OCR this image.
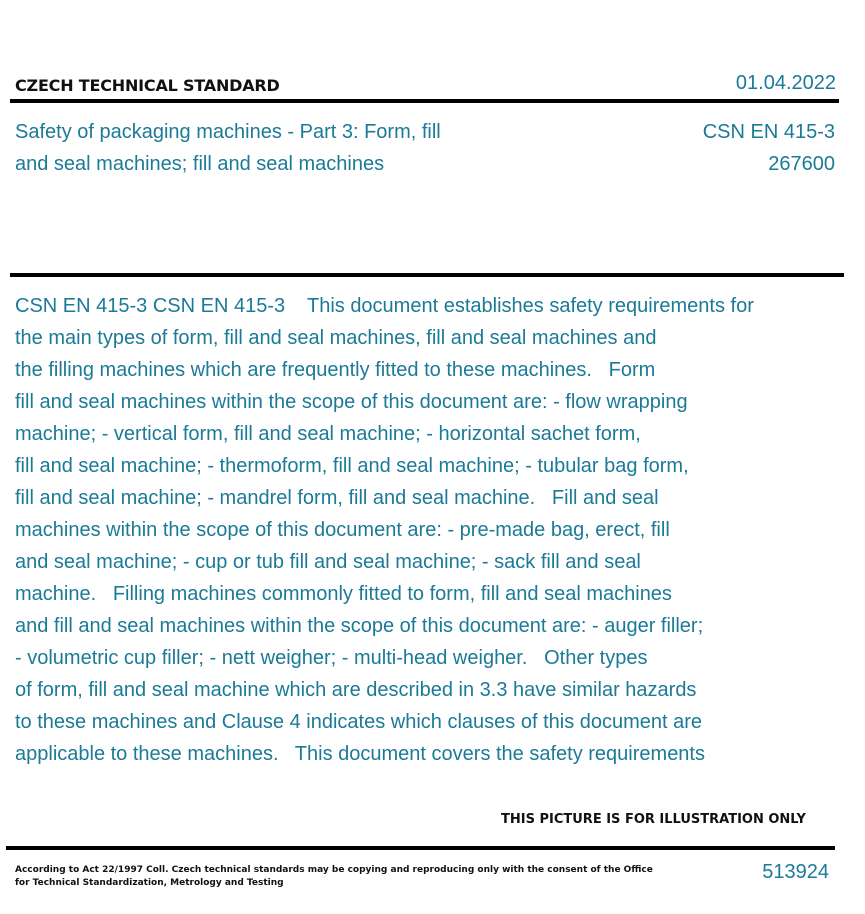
CZECH TECHNICAL STANDARD	01.04.2022
Safety of packaging machines - Part 3: Form, fill
and seal machines; fill and seal machines
CSN EN 415-3
267600
CSN EN 415-3 CSN EN 415-3    This document establishes safety requirements for
the main types of form, fill and seal machines, fill and seal machines and
the filling machines which are frequently fitted to these machines.   Form
fill and seal machines within the scope of this document are: - flow wrapping
machine; - vertical form, fill and seal machine; - horizontal sachet form,
fill and seal machine; - thermoform, fill and seal machine; - tubular bag form,
fill and seal machine; - mandrel form, fill and seal machine.   Fill and seal
machines within the scope of this document are: - pre-made bag, erect, fill
and seal machine; - cup or tub fill and seal machine; - sack fill and seal
machine.   Filling machines commonly fitted to form, fill and seal machines
and fill and seal machines within the scope of this document are: - auger filler;
- volumetric cup filler; - nett weigher; - multi-head weigher.   Other types
of form, fill and seal machine which are described in 3.3 have similar hazards
to these machines and Clause 4 indicates which clauses of this document are
applicable to these machines.   This document covers the safety requirements
THIS PICTURE IS FOR ILLUSTRATION ONLY
According to Act 22/1997 Coll. Czech technical standards may be copying and reproducing only with the consent of the Office
for Technical Standardization, Metrology and Testing	513924
